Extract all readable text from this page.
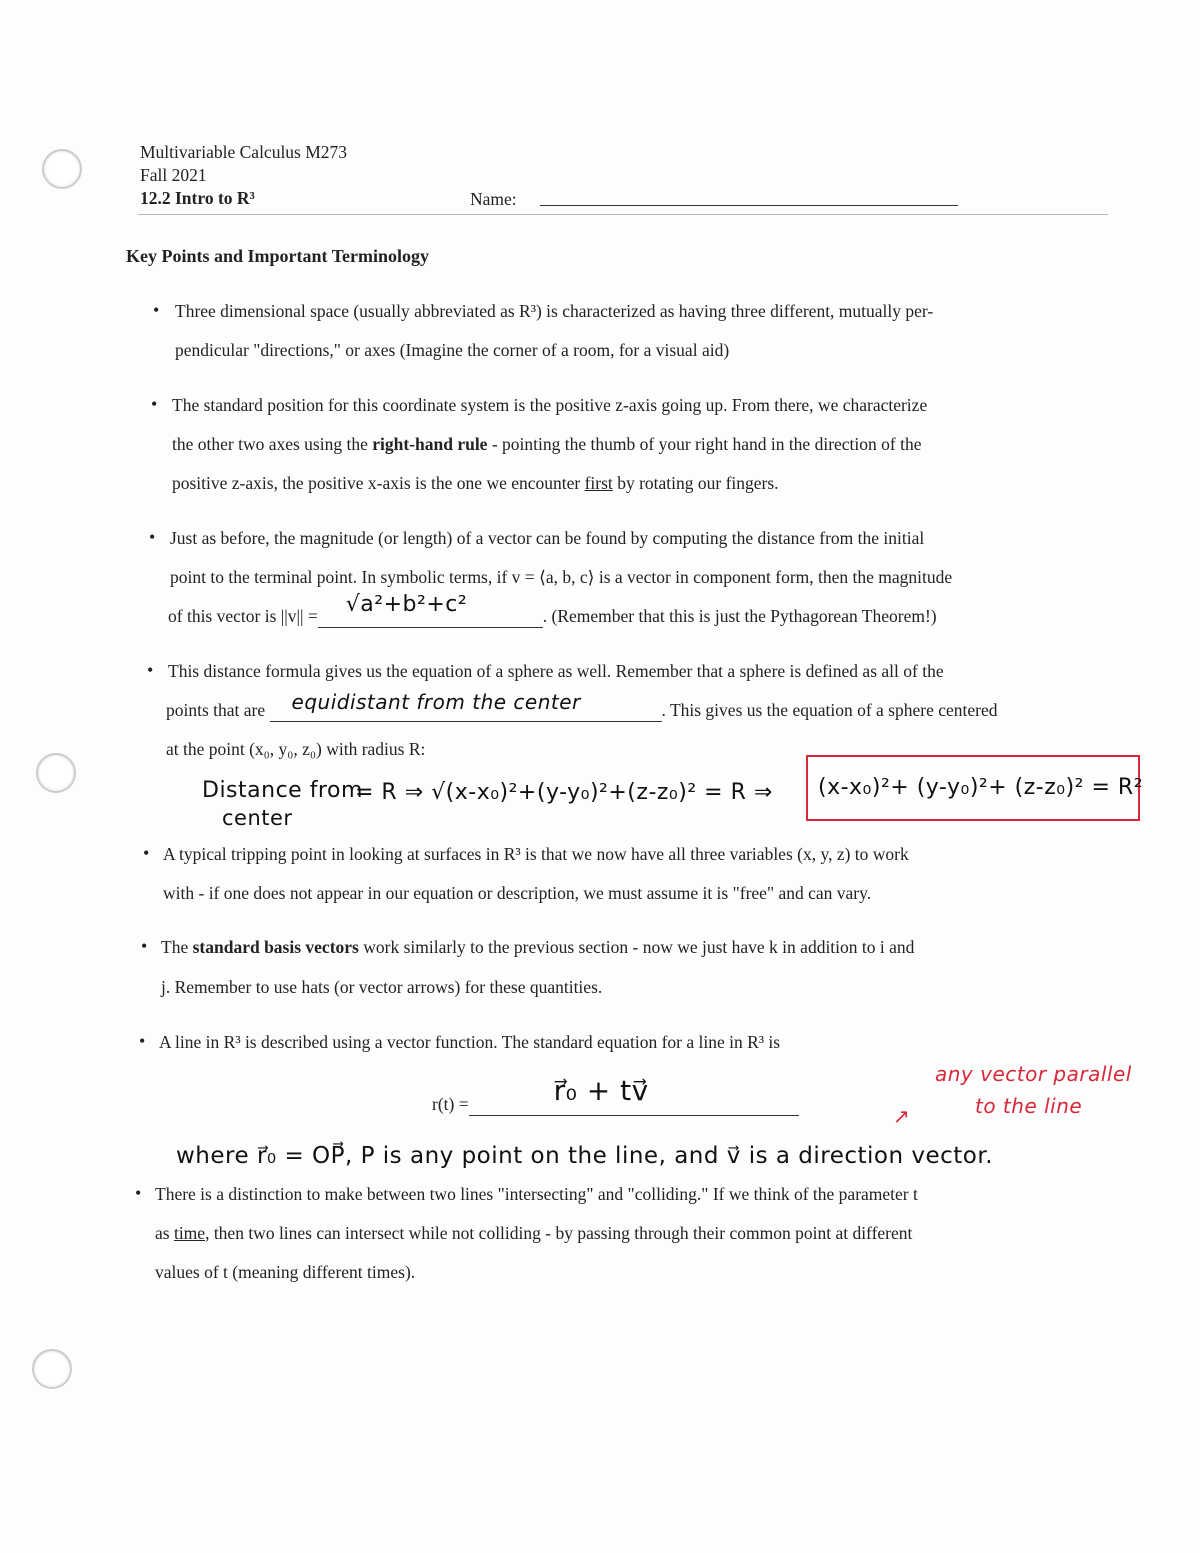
Multivariable Calculus M273
Fall 2021
12.2 Intro to R³	Name:
Key Points and Important Terminology
• Three dimensional space (usually abbreviated as R³) is characterized as having three different, mutually per-
pendicular "directions," or axes (Imagine the corner of a room, for a visual aid)
• The standard position for this coordinate system is the positive z-axis going up. From there, we characterize
the other two axes using the right-hand rule - pointing the thumb of your right hand in the direction of the
positive z-axis, the positive x-axis is the one we encounter first by rotating our fingers.
• Just as before, the magnitude (or length) of a vector can be found by computing the distance from the initial
point to the terminal point. In symbolic terms, if v = ⟨a, b, c⟩ is a vector in component form, then the magnitude
of this vector is ||v|| = √a²+b²+c²	. (Remember that this is just the Pythagorean Theorem!)
• This distance formula gives us the equation of a sphere as well. Remember that a sphere is defined as all of the
points that are equidistant from the center	. This gives us the equation of a sphere centered
at the point (x₀, y₀, z₀) with radius R:
Distance from
center
= R ⇒ √(x-x₀)²+(y-y₀)²+(z-z₀)² = R ⇒ (x-x₀)²+ (y-y₀)²+ (z-z₀)² = R²
• A typical tripping point in looking at surfaces in R³ is that we now have all three variables (x, y, z) to work
with - if one does not appear in our equation or description, we must assume it is "free" and can vary.
• The standard basis vectors work similarly to the previous section - now we just have k in addition to i and
j. Remember to use hats (or vector arrows) for these quantities.
• A line in R³ is described using a vector function. The standard equation for a line in R³ is
r(t) =	r⃗₀ + tv⃗
	any vector parallel
to the line
↗
where r⃗₀ = OP⃗, P is any point on the line, and v⃗ is a direction vector.
• There is a distinction to make between two lines "intersecting" and "colliding." If we think of the parameter t
as time, then two lines can intersect while not colliding - by passing through their common point at different
values of t (meaning different times).
